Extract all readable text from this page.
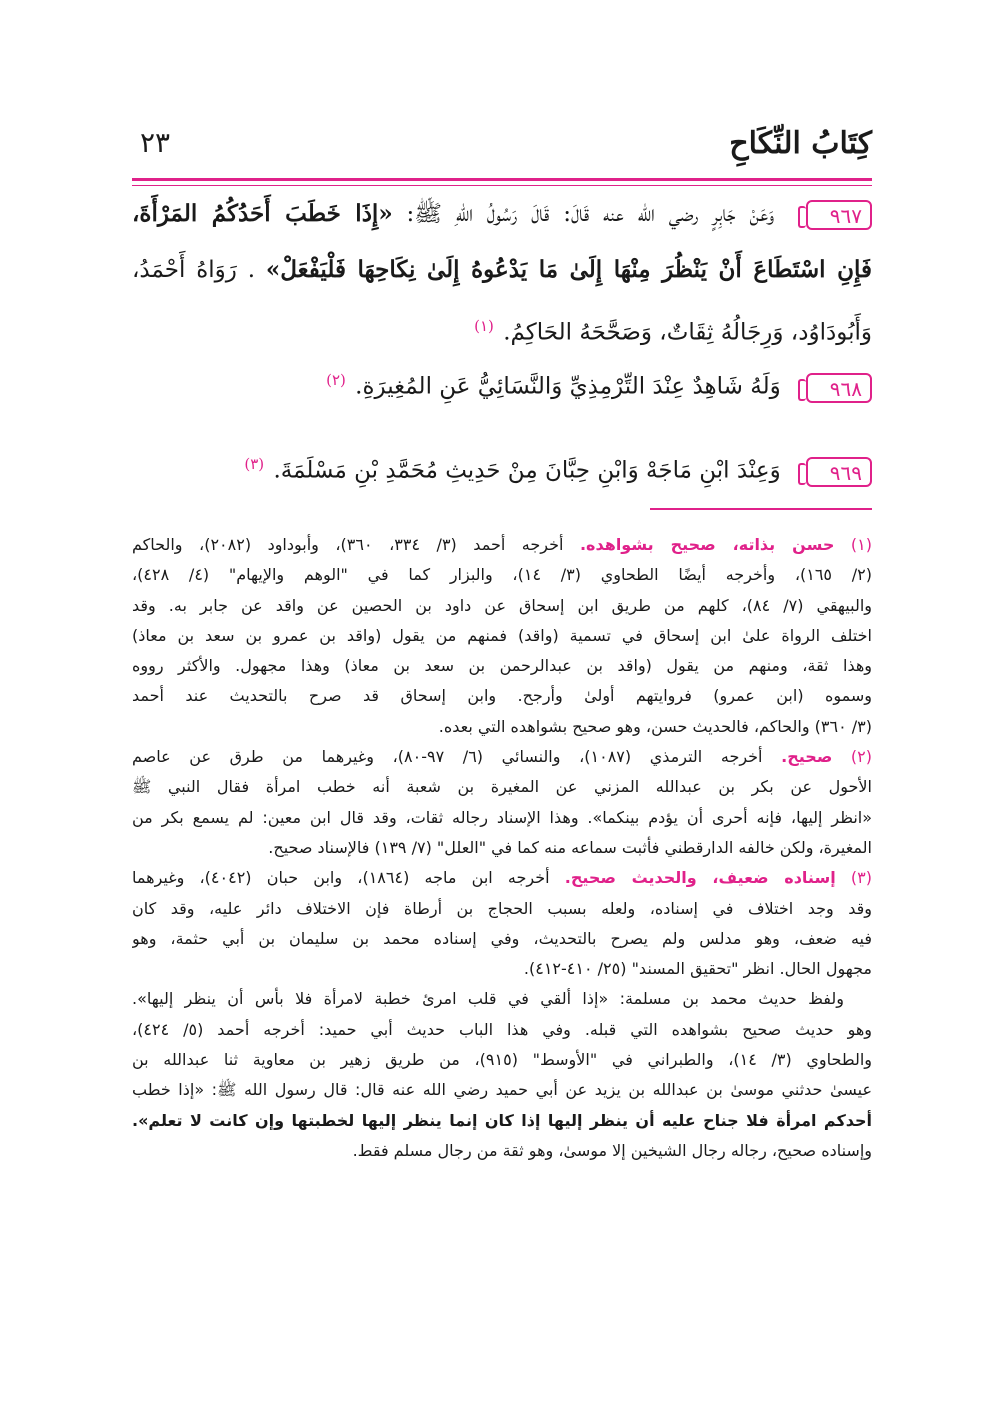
كِتَابُ النِّكَاحِ
٢٣
٩٦٧ وَعَنْ جَابِرٍ رضي الله عنه قَالَ: قَالَ رَسُولُ اللهِ ﷺ: «إِذَا خَطَبَ أَحَدُكُمُ المَرْأَةَ،
فَإِنِ اسْتَطَاعَ أَنْ يَنْظُرَ مِنْهَا إِلَىٰ مَا يَدْعُوهُ إِلَىٰ نِكَاحِهَا فَلْيَفْعَلْ» . رَوَاهُ أَحْمَدُ،
وَأَبُودَاوُد، وَرِجَالُهُ ثِقَاتٌ، وَصَحَّحَهُ الحَاكِمُ. $^{(١)}$
٩٦٨ وَلَهُ شَاهِدٌ عِنْدَ التِّرْمِذِيِّ وَالنَّسَائِيُّ عَنِ المُغِيرَةِ. $^{(٢)}$
٩٦٩ وَعِنْدَ ابْنِ مَاجَهْ وَابْنِ حِبَّانَ مِنْ حَدِيثِ مُحَمَّدِ بْنِ مَسْلَمَةَ. $^{(٣)}$
(١) حسن بذاته، صحيح بشواهده. أخرجه أحمد (٣/ ٣٣٤، ٣٦٠)، وأبوداود (٢٠٨٢)، والحاكم
(٢/ ١٦٥)، وأخرجه أيضًا الطحاوي (٣/ ١٤)، والبزار كما في "الوهم والإيهام" (٤/ ٤٢٨)،
والبيهقي (٧/ ٨٤)، كلهم من طريق ابن إسحاق عن داود بن الحصين عن واقد عن جابر به. وقد
اختلف الرواة علىٰ ابن إسحاق في تسمية (واقد) فمنهم من يقول (واقد بن عمرو بن سعد بن معاذ)
وهذا ثقة، ومنهم من يقول (واقد بن عبدالرحمن بن سعد بن معاذ) وهذا مجهول. والأكثر رووه
وسموه (ابن عمرو) فروايتهم أولىٰ وأرجح. وابن إسحاق قد صرح بالتحديث عند أحمد
(٣/ ٣٦٠) والحاكم، فالحديث حسن، وهو صحيح بشواهده التي بعده.
(٢) صحيح. أخرجه الترمذي (١٠٨٧)، والنسائي (٦/ ٩٧-٨٠)، وغيرهما من طرق عن عاصم
الأحول عن بكر بن عبدالله المزني عن المغيرة بن شعبة أنه خطب امرأة فقال النبي ﷺ
«انظر إليها، فإنه أحرى أن يؤدم بينكما». وهذا الإسناد رجاله ثقات، وقد قال ابن معين: لم يسمع بكر من
المغيرة، ولكن خالفه الدارقطني فأثبت سماعه منه كما في "العلل" (٧/ ١٣٩) فالإسناد صحيح.
(٣) إسناده ضعيف، والحديث صحيح. أخرجه ابن ماجه (١٨٦٤)، وابن حبان (٤٠٤٢)، وغيرهما
وقد وجد اختلاف في إسناده، ولعله بسبب الحجاج بن أرطاة فإن الاختلاف دائر عليه، وقد كان
فيه ضعف، وهو مدلس ولم يصرح بالتحديث، وفي إسناده محمد بن سليمان بن أبي حثمة، وهو
مجهول الحال. انظر "تحقيق المسند" (٢٥/ ٤١٠-٤١٢).
ولفظ حديث محمد بن مسلمة: «إذا ألقي في قلب امرئ خطبة لامرأة فلا بأس أن ينظر إليها».
وهو حديث صحيح بشواهده التي قبله. وفي هذا الباب حديث أبي حميد: أخرجه أحمد (٥/ ٤٢٤)،
والطحاوي (٣/ ١٤)، والطبراني في "الأوسط" (٩١٥)، من طريق زهير بن معاوية ثنا عبدالله بن
عيسىٰ حدثني موسىٰ بن عبدالله بن يزيد عن أبي حميد رضي الله عنه قال: قال رسول الله ﷺ: «إذا خطب
أحدكم امرأة فلا جناح عليه أن ينظر إليها إذا كان إنما ينظر إليها لخطبتها وإن كانت لا تعلم».
وإسناده صحيح، رجاله رجال الشيخين إلا موسىٰ، وهو ثقة من رجال مسلم فقط.
